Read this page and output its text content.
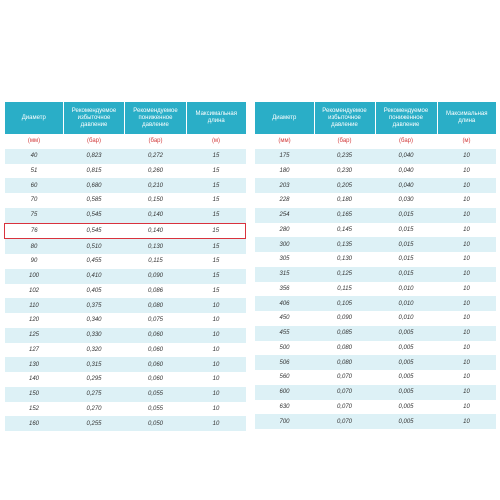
Диаметр	Рекомендуемое избыточное давление	Рекомендуемое пониженное давление	Максимальная длина
(мм)	(бар)	(бар)	(м)
40	0,823	0,272	15
51	0,815	0,260	15
60	0,680	0,210	15
70	0,585	0,150	15
75	0,545	0,140	15
76	0,545	0,140	15
80	0,510	0,130	15
90	0,455	0,115	15
100	0,410	0,090	15
102	0,405	0,086	15
110	0,375	0,080	10
120	0,340	0,075	10
125	0,330	0,060	10
127	0,320	0,060	10
130	0,315	0,060	10
140	0,295	0,060	10
150	0,275	0,055	10
152	0,270	0,055	10
160	0,255	0,050	10
Диаметр	Рекомендуемое избыточное давление	Рекомендуемое пониженное давление	Максимальная длина
(мм)	(бар)	(бар)	(м)
175	0,235	0,040	10
180	0,230	0,040	10
203	0,205	0,040	10
228	0,180	0,030	10
254	0,165	0,015	10
280	0,145	0,015	10
300	0,135	0,015	10
305	0,130	0,015	10
315	0,125	0,015	10
356	0,115	0,010	10
406	0,105	0,010	10
450	0,090	0,010	10
455	0,085	0,005	10
500	0,080	0,005	10
506	0,080	0,005	10
560	0,070	0,005	10
600	0,070	0,005	10
630	0,070	0,005	10
700	0,070	0,005	10
